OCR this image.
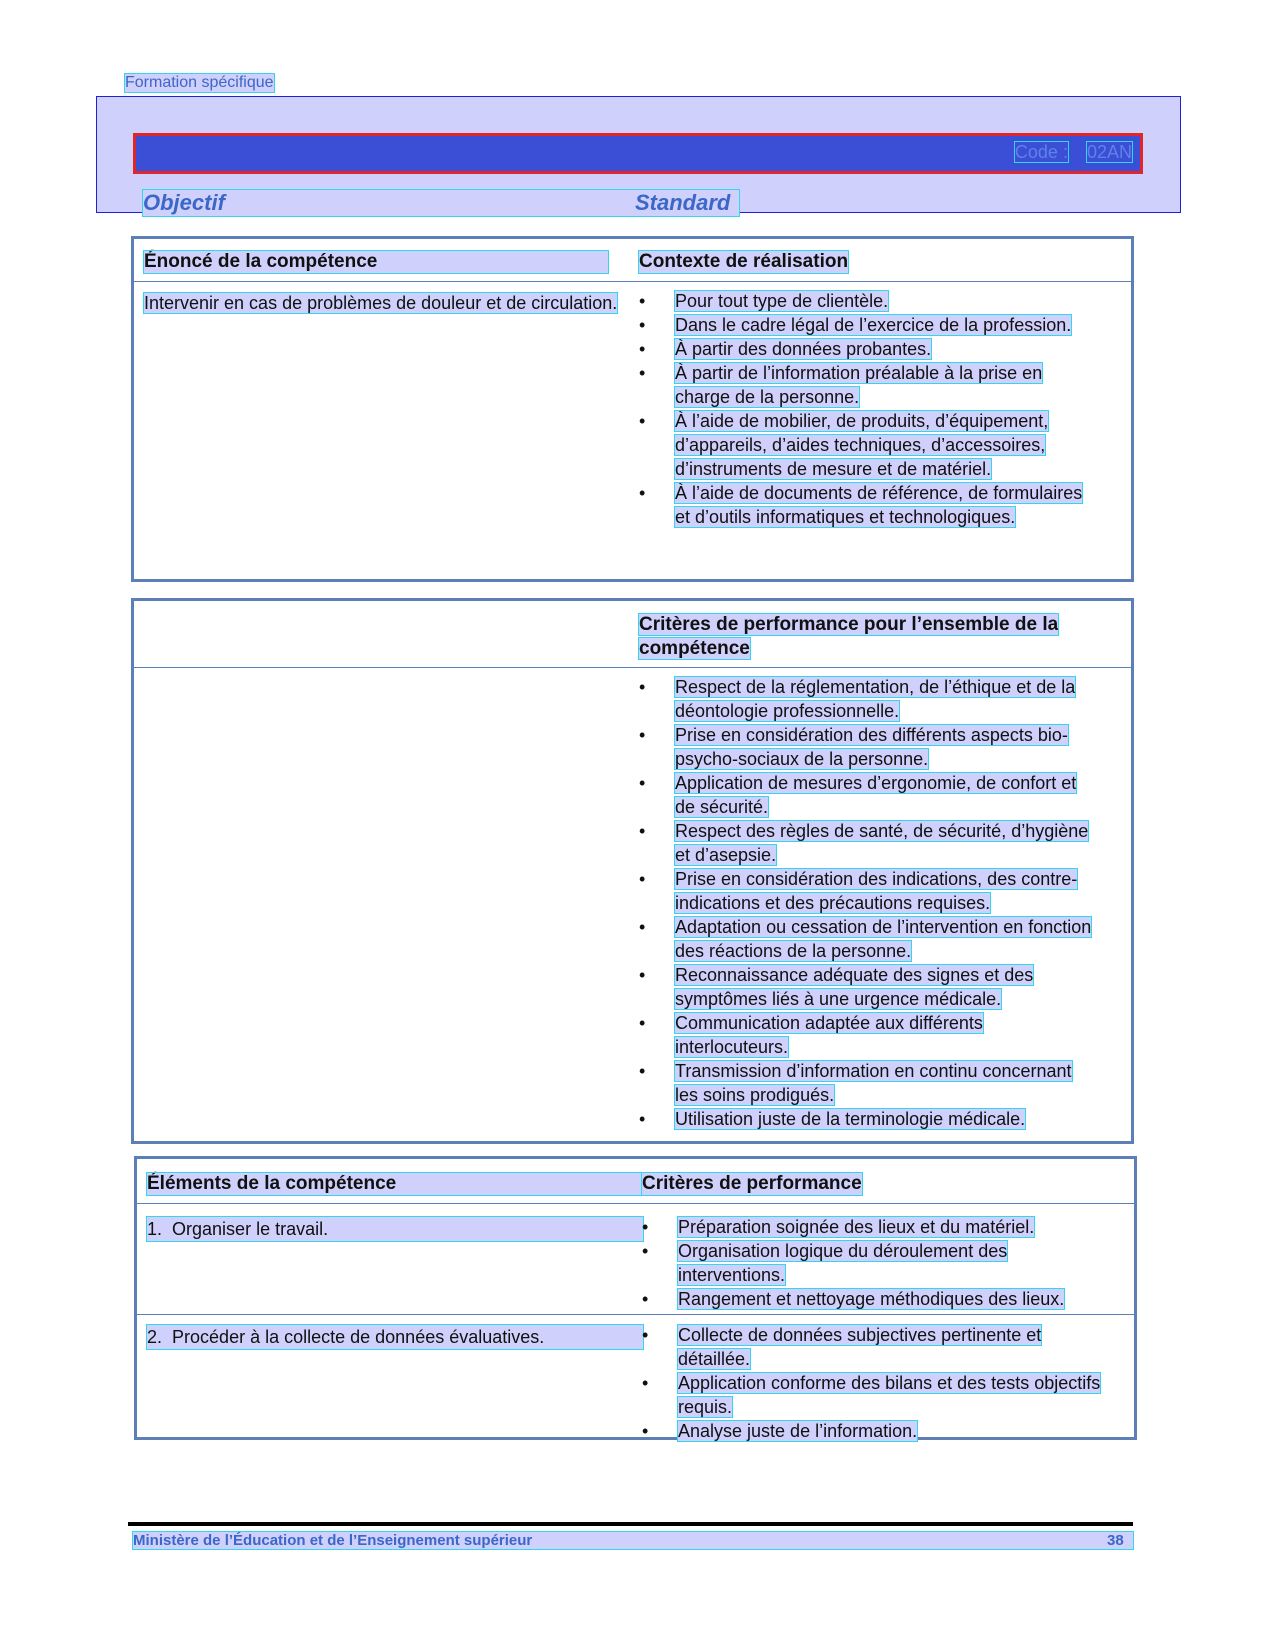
Formation spécifique
Code : 02AN
Objectif	Standard
Énoncé de la compétence	Contexte de réalisation
Intervenir en cas de problèmes de douleur et de circulation.	• Pour tout type de clientèle.
• Dans le cadre légal de l’exercice de la profession.
• À partir des données probantes.
• À partir de l’information préalable à la prise en charge de la personne.
• À l’aide de mobilier, de produits, d’équipement, d’appareils, d’aides techniques, d’accessoires, d’instruments de mesure et de matériel.
• À l’aide de documents de référence, de formulaires et d’outils informatiques et technologiques.
Critères de performance pour l’ensemble de la compétence
• Respect de la réglementation, de l’éthique et de la déontologie professionnelle.
• Prise en considération des différents aspects bio-psycho-sociaux de la personne.
• Application de mesures d’ergonomie, de confort et de sécurité.
• Respect des règles de santé, de sécurité, d’hygiène et d’asepsie.
• Prise en considération des indications, des contre-indications et des précautions requises.
• Adaptation ou cessation de l’intervention en fonction des réactions de la personne.
• Reconnaissance adéquate des signes et des symptômes liés à une urgence médicale.
• Communication adaptée aux différents interlocuteurs.
• Transmission d’information en continu concernant les soins prodigués.
• Utilisation juste de la terminologie médicale.
Éléments de la compétence	Critères de performance
1. Organiser le travail.	• Préparation soignée des lieux et du matériel.
• Organisation logique du déroulement des interventions.
• Rangement et nettoyage méthodiques des lieux.
2. Procéder à la collecte de données évaluatives.	• Collecte de données subjectives pertinente et détaillée.
• Application conforme des bilans et des tests objectifs requis.
• Analyse juste de l’information.
Ministère de l’Éducation et de l’Enseignement supérieur	38
